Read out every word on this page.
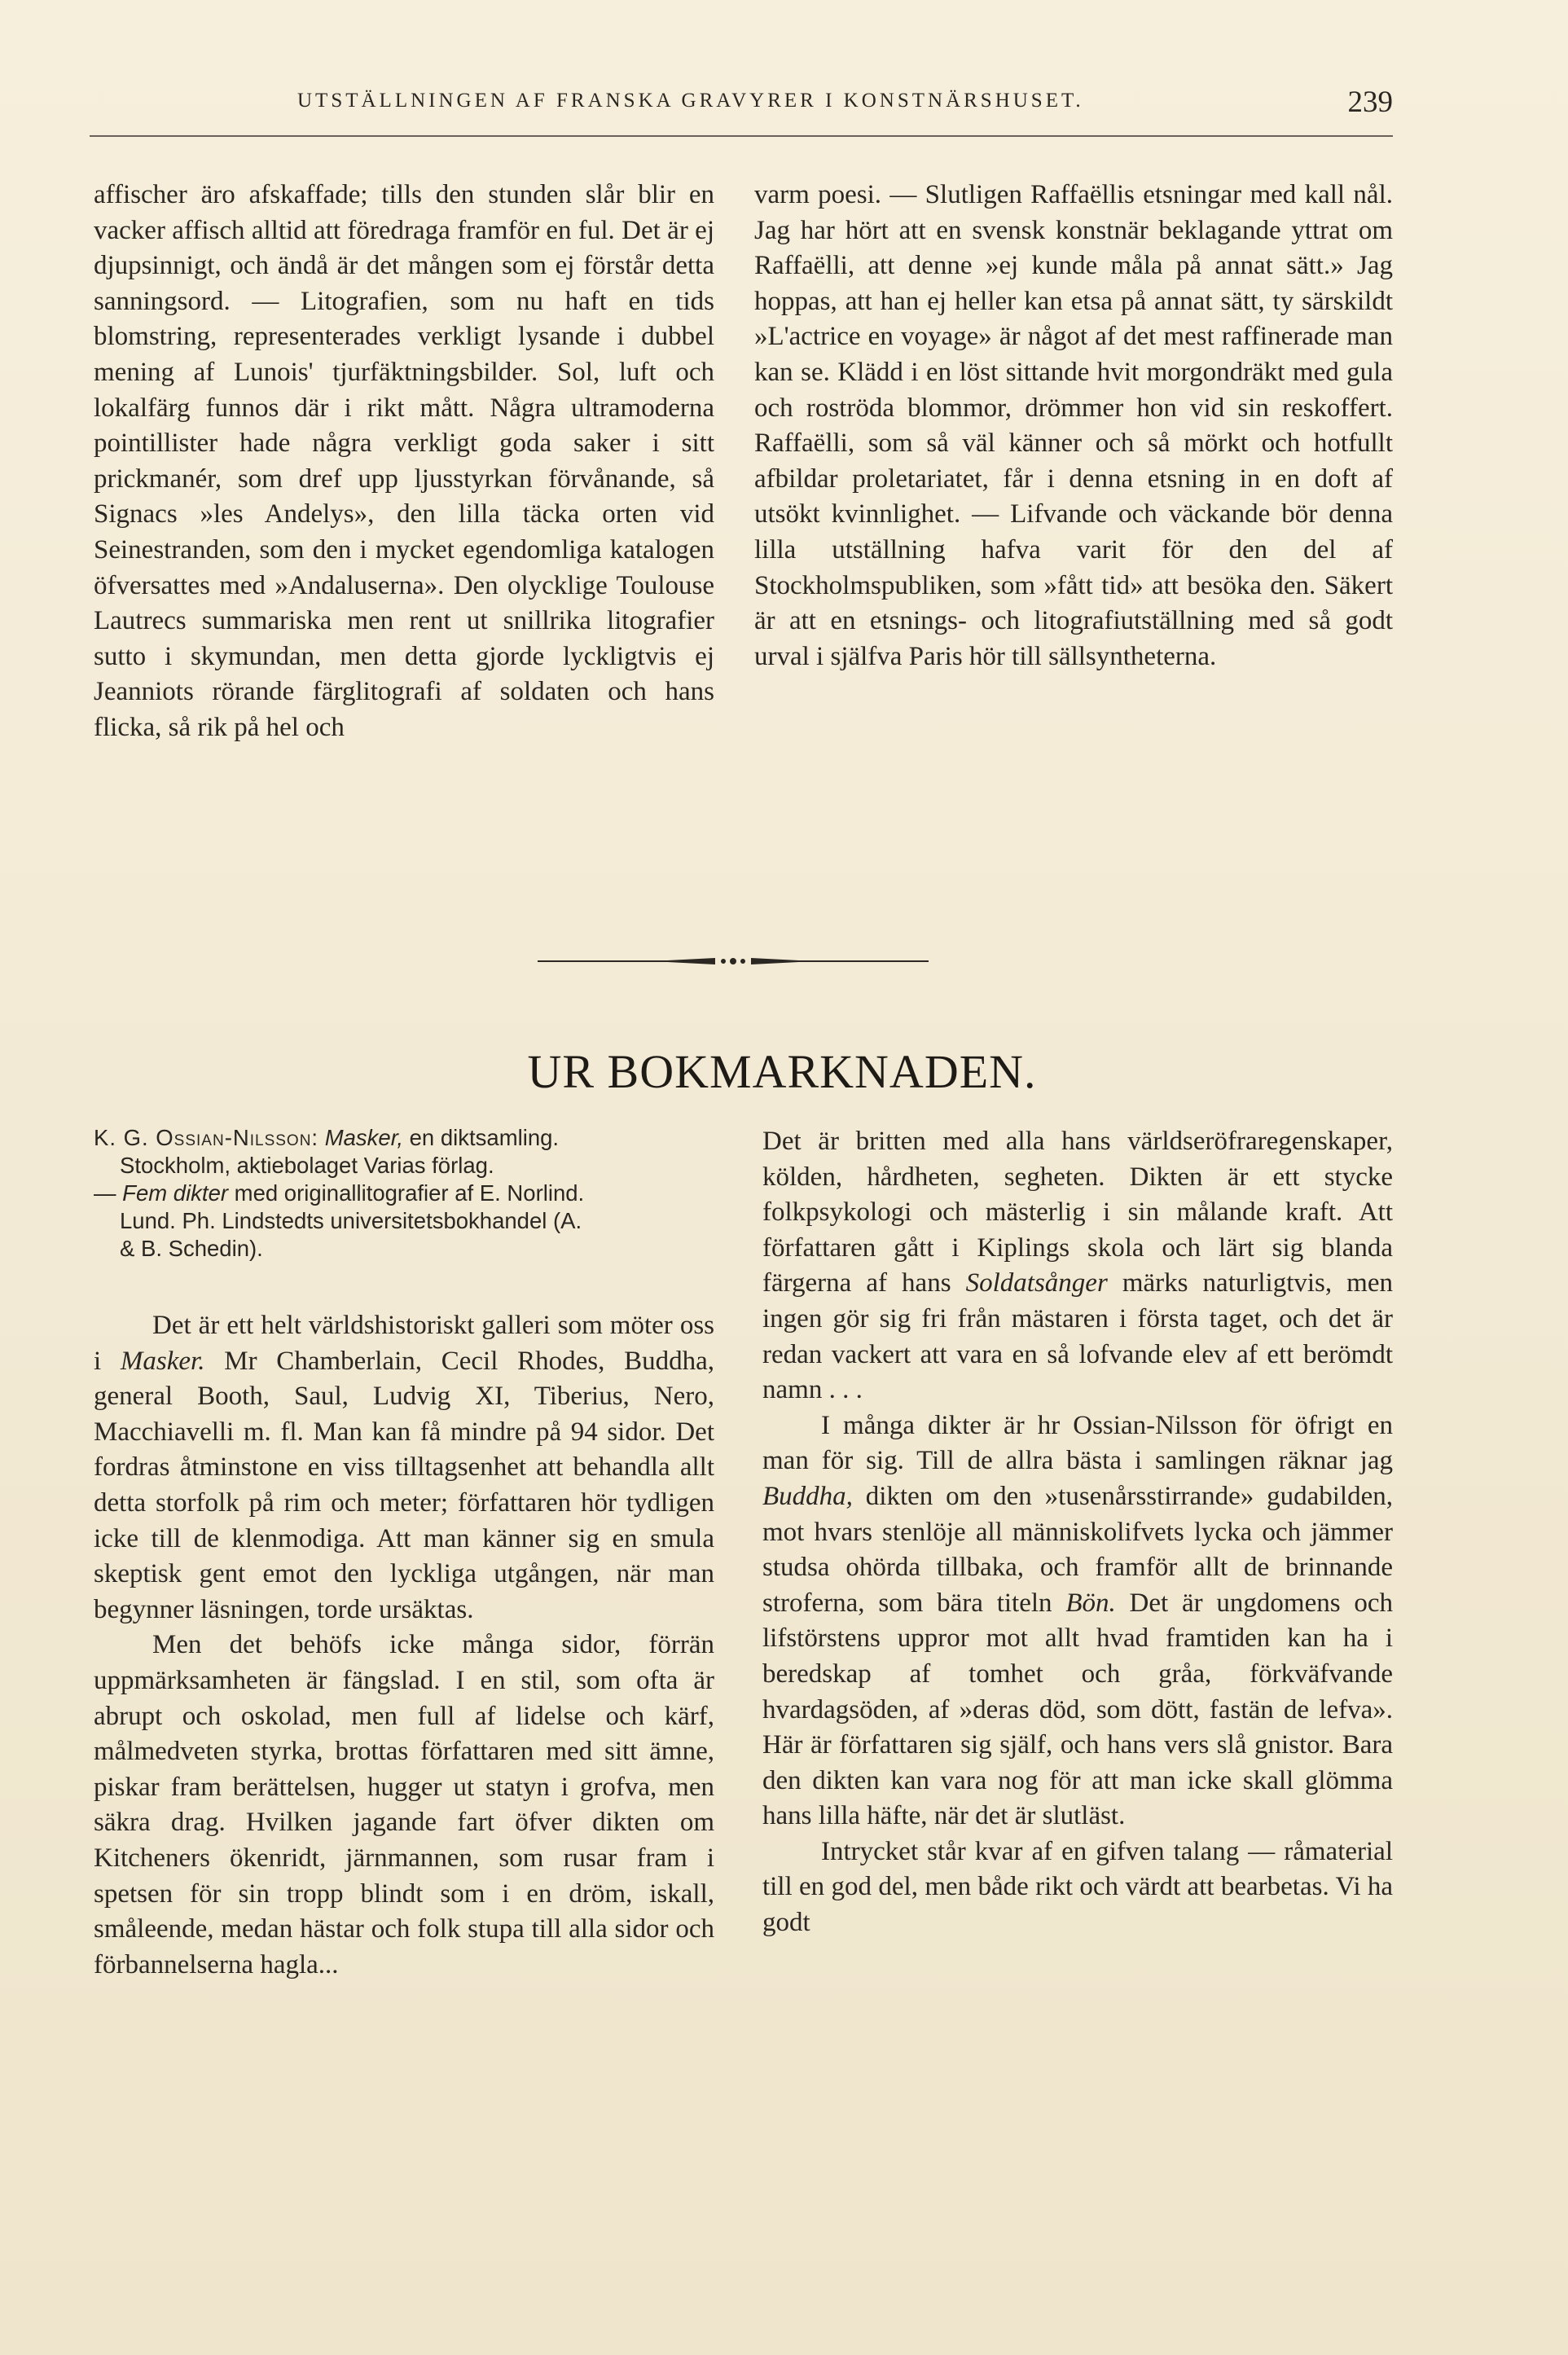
UTSTÄLLNINGEN AF FRANSKA GRAVYRER I KONSTNÄRSHUSET.	239

affischer äro afskaffade; tills den stunden slår blir en vacker affisch alltid att föredraga framför en ful. Det är ej djupsinnigt, och ändå är det mången som ej förstår detta sanningsord. — Litografien, som nu haft en tids blomstring, representerades verkligt lysande i dubbel mening af Lunois' tjurfäktningsbilder. Sol, luft och lokalfärg funnos där i rikt mått. Några ultramoderna pointillister hade några verkligt goda saker i sitt prickmanér, som dref upp ljusstyrkan förvånande, så Signacs »les Andelys», den lilla täcka orten vid Seinestranden, som den i mycket egendomliga katalogen öfversattes med »Andaluserna». Den olycklige Toulouse Lautrecs summariska men rent ut snillrika litografier sutto i skymundan, men detta gjorde lyckligtvis ej Jeanniots rörande färglitografi af soldaten och hans flicka, så rik på hel och

varm poesi. — Slutligen Raffaëllis etsningar med kall nål. Jag har hört att en svensk konstnär beklagande yttrat om Raffaëlli, att denne »ej kunde måla på annat sätt.» Jag hoppas, att han ej heller kan etsa på annat sätt, ty särskildt »L'actrice en voyage» är något af det mest raffinerade man kan se. Klädd i en löst sittande hvit morgondräkt med gula och roströda blommor, drömmer hon vid sin reskoffert. Raffaëlli, som så väl känner och så mörkt och hotfullt afbildar proletariatet, får i denna etsning in en doft af utsökt kvinnlighet. — Lifvande och väckande bör denna lilla utställning hafva varit för den del af Stockholmspubliken, som »fått tid» att besöka den. Säkert är att en etsnings- och litografiutställning med så godt urval i själfva Paris hör till sällsyntheterna.

UR BOKMARKNADEN.

K. G. Ossian-Nilsson: Masker, en diktsamling.

Stockholm, aktiebolaget Varias förlag.

— Fem dikter med originallitografier af E. Norlind.

Lund. Ph. Lindstedts universitetsbokhandel (A.

& B. Schedin).

Det är ett helt världshistoriskt galleri som möter oss i Masker. Mr Chamberlain, Cecil Rhodes, Buddha, general Booth, Saul, Ludvig XI, Tiberius, Nero, Macchiavelli m. fl. Man kan få mindre på 94 sidor. Det fordras åtminstone en viss tilltagsenhet att behandla allt detta storfolk på rim och meter; författaren hör tydligen icke till de klenmodiga. Att man känner sig en smula skeptisk gent emot den lyckliga utgången, när man begynner läsningen, torde ursäktas.

Men det behöfs icke många sidor, förrän uppmärksamheten är fängslad. I en stil, som ofta är abrupt och oskolad, men full af lidelse och kärf, målmedveten styrka, brottas författaren med sitt ämne, piskar fram berättelsen, hugger ut statyn i grofva, men säkra drag. Hvilken jagande fart öfver dikten om Kitcheners ökenridt, järnmannen, som rusar fram i spetsen för sin tropp blindt som i en dröm, iskall, småleende, medan hästar och folk stupa till alla sidor och förbannelserna hagla...

Det är britten med alla hans världseröfraregenskaper, kölden, hårdheten, segheten. Dikten är ett stycke folkpsykologi och mästerlig i sin målande kraft. Att författaren gått i Kiplings skola och lärt sig blanda färgerna af hans Soldatsånger märks naturligtvis, men ingen gör sig fri från mästaren i första taget, och det är redan vackert att vara en så lofvande elev af ett berömdt namn . . .

I många dikter är hr Ossian-Nilsson för öfrigt en man för sig. Till de allra bästa i samlingen räknar jag Buddha, dikten om den »tusenårsstirrande» gudabilden, mot hvars stenlöje all människolifvets lycka och jämmer studsa ohörda tillbaka, och framför allt de brinnande stroferna, som bära titeln Bön. Det är ungdomens och lifstörstens uppror mot allt hvad framtiden kan ha i beredskap af tomhet och gråa, förkväfvande hvardagsöden, af »deras död, som dött, fastän de lefva». Här är författaren sig själf, och hans vers slå gnistor. Bara den dikten kan vara nog för att man icke skall glömma hans lilla häfte, när det är slutläst.

Intrycket står kvar af en gifven talang — råmaterial till en god del, men både rikt och värdt att bearbetas. Vi ha godt
